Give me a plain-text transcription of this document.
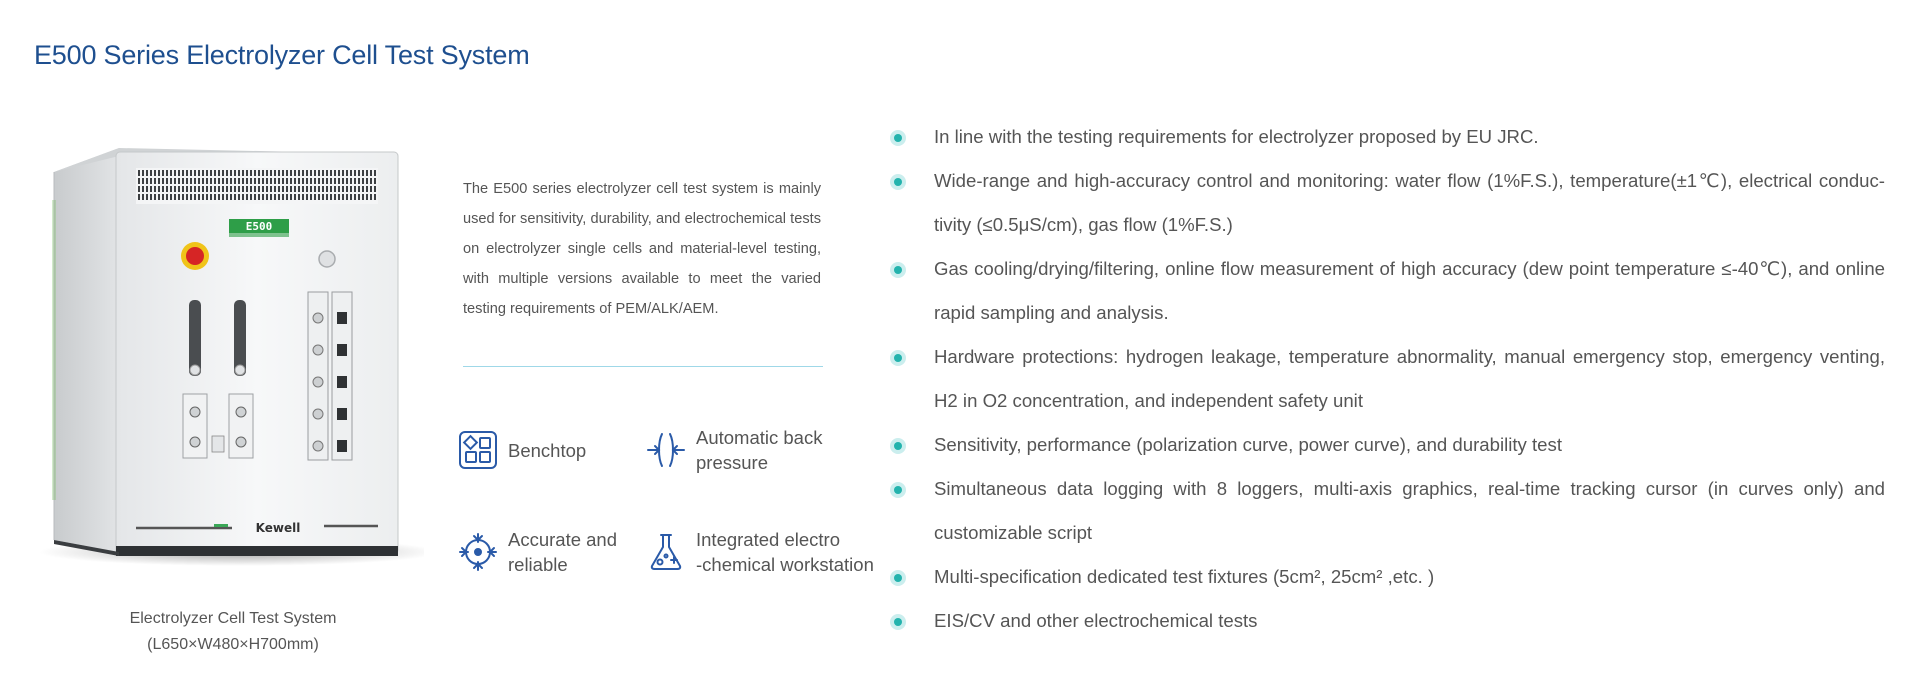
E500 Series Electrolyzer Cell Test System
E500
Kewell
Electrolyzer Cell Test System
(L650×W480×H700mm)

The E500 series electrolyzer cell test system is mainly used for sensitivity, durability, and electrochemical tests on electrolyzer single cells and material-level testing, with multiple versions available to meet the varied testing requirements of PEM/ALK/AEM.

Benchtop
Automatic back
pressure
Accurate and
reliable
Integrated electro
-chemical workstation
In line with the testing requirements for electrolyzer proposed by EU JRC.
Wide-range and high-accuracy control and monitoring: water flow (1%F.S.), temperature(±1℃), electrical conduc-tivity (≤0.5μS/cm), gas flow (1%F.S.)
Gas cooling/drying/filtering, online flow measurement of high accuracy (dew point temperature ≤-40℃), and online rapid sampling and analysis.
Hardware protections: hydrogen leakage, temperature abnormality, manual emergency stop, emergency venting, H2 in O2 concentration, and independent safety unit
Sensitivity, performance (polarization curve, power curve), and durability test
Simultaneous data logging with 8 loggers, multi-axis graphics, real-time tracking cursor (in curves only) and customizable script
Multi-specification dedicated test fixtures (5cm², 25cm² ,etc. )
EIS/CV and other electrochemical tests
